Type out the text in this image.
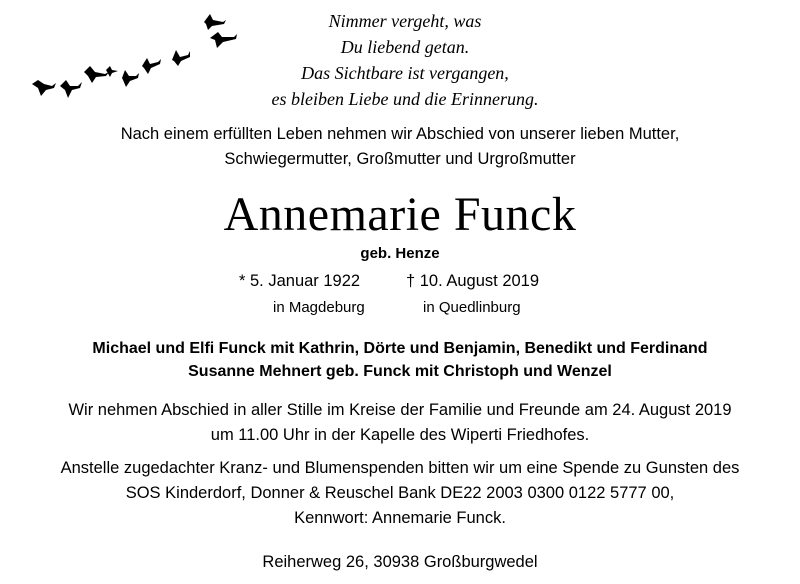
Nimmer vergeht, was
Du liebend getan.
Das Sichtbare ist vergangen,
es bleiben Liebe und die Erinnerung.
Nach einem erfüllten Leben nehmen wir Abschied von unserer lieben Mutter,
Schwiegermutter, Großmutter und Urgroßmutter
Annemarie Funck
geb. Henze
* 5. Januar 1922	† 10. August 2019
in Magdeburg	in Quedlinburg
Michael und Elfi Funck mit Kathrin, Dörte und Benjamin, Benedikt und Ferdinand
Susanne Mehnert geb. Funck mit Christoph und Wenzel
Wir nehmen Abschied in aller Stille im Kreise der Familie und Freunde am 24. August 2019
um 11.00 Uhr in der Kapelle des Wiperti Friedhofes.
Anstelle zugedachter Kranz- und Blumenspenden bitten wir um eine Spende zu Gunsten des
SOS Kinderdorf, Donner & Reuschel Bank DE22 2003 0300 0122 5777 00,
Kennwort: Annemarie Funck.
Reiherweg 26, 30938 Großburgwedel
